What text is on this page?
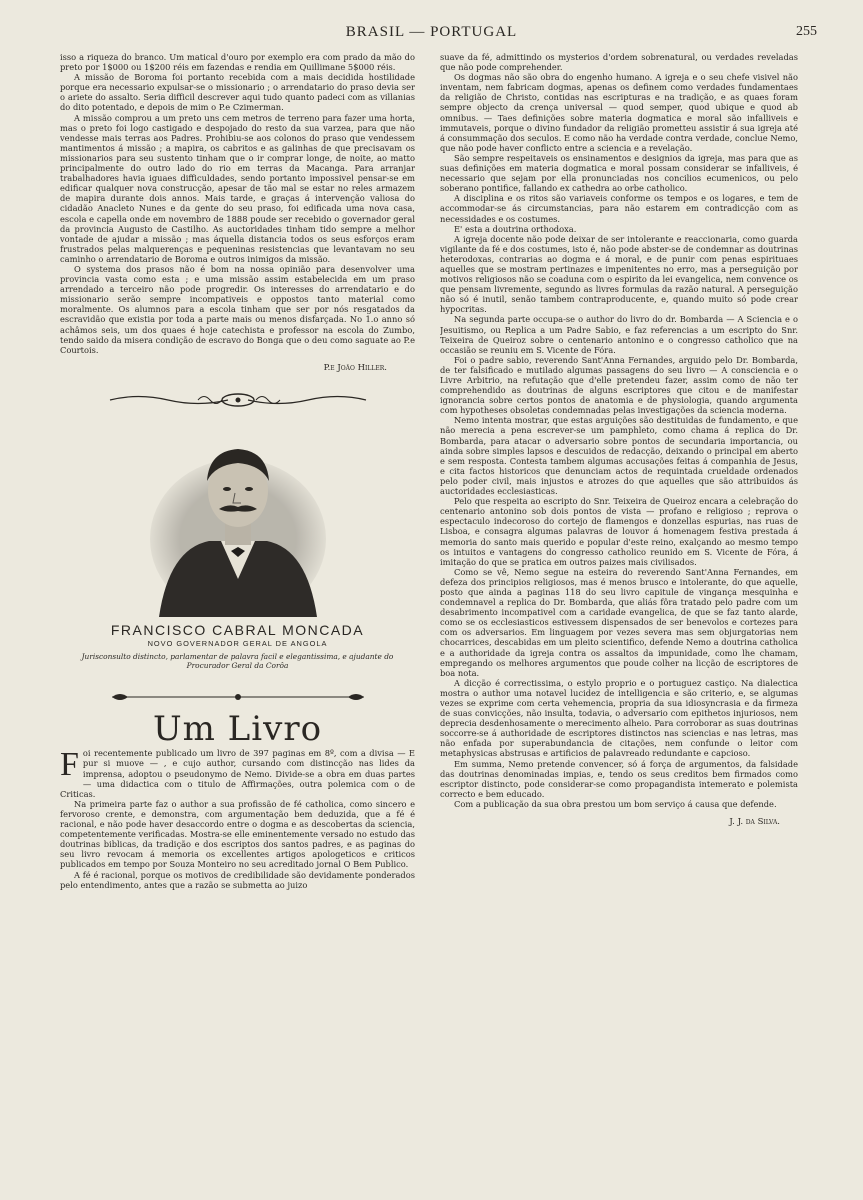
BRASIL — PORTUGAL	255

isso a riqueza do branco. Um matical d'ouro por exemplo era com prado da mão do preto por 1$000 ou 1$200 réis em fazendas e rendia em Quillimane 5$000 réis.

A missão de Boroma foi portanto recebida com a mais decidida hostilidade porque era necessario expulsar-se o missionario ; o arrendatario do praso devia ser o ariete do assalto. Seria difficil descrever aqui tudo quanto padeci com as villanias do dito potentado, e depois de mim o P.e Czimerman.

A missão comprou a um preto uns cem metros de terreno para fazer uma horta, mas o preto foi logo castigado e despojado do resto da sua varzea, para que não vendesse mais terras aos Padres. Prohibiu-se aos colonos do praso que vendessem mantimentos á missão ; a mapira, os cabritos e as galinhas de que precisavam os missionarios para seu sustento tinham que o ir comprar longe, de noite, ao matto principalmente do outro lado do rio em terras da Macanga. Para arranjar trabalhadores havia iguaes difficuldades, sendo portanto impossivel pensar-se em edificar qualquer nova construcção, apesar de tão mal se estar no reles armazem de mapira durante dois annos. Mais tarde, e graças á intervenção valiosa do cidadão Anacleto Nunes e da gente do seu praso, foi edificada uma nova casa, escola e capella onde em novembro de 1888 poude ser recebido o governador geral da provincia Augusto de Castilho. As auctoridades tinham tido sempre a melhor vontade de ajudar a missão ; mas áquella distancia todos os seus esforços eram frustrados pelas malquerenças e pequeninas resistencias que levantavam no seu caminho o arrendatario de Boroma e outros inimigos da missão.

O systema dos prasos não é bom na nossa opinião para desenvolver uma provincia vasta como esta ; e uma missão assim estabelecida em um praso arrendado a terceiro não pode progredir. Os interesses do arrendatario e do missionario serão sempre incompativeis e oppostos tanto material como moralmente. Os alumnos para a escola tinham que ser por nós resgatados da escravidão que existia por toda a parte mais ou menos disfarçada. No 1.o anno só achâmos seis, um dos quaes é hoje catechista e professor na escola do Zumbo, tendo saido da misera condição de escravo do Bonga que o deu como saguate ao P.e Courtois.

P.e João Hiller.

FRANCISCO CABRAL MONCADA
NOVO GOVERNADOR GERAL DE ANGOLA
Jurisconsulto distincto, parlamentar de palavra facil e elegantissima, e ajudante do Procurador Geral da Corôa
Um Livro

Foi recentemente publicado um livro de 397 paginas em 8º, com a divisa — E pur si muove — , e cujo author, cursando com distincção nas lides da imprensa, adoptou o pseudonymo de Nemo. Divide-se a obra em duas partes — uma didactica com o titulo de Affirmações, outra polemica com o de Criticas.

Na primeira parte faz o author a sua profissão de fé catholica, como sincero e fervoroso crente, e demonstra, com argumentação bem deduzida, que a fé é racional, e não pode haver desaccordo entre o dogma e as descobertas da sciencia, competentemente verificadas. Mostra-se elle eminentemente versado no estudo das doutrinas biblicas, da tradição e dos escriptos dos santos padres, e as paginas do seu livro revocam á memoria os excellentes artigos apologeticos e criticos publicados em tempo por Souza Monteiro no seu acreditado jornal O Bem Publico.

A fé é racional, porque os motivos de credibilidade são devidamente ponderados pelo entendimento, antes que a razão se submetta ao juizo

suave da fé, admittindo os mysterios d'ordem sobrenatural, ou verdades reveladas que não pode comprehender.

Os dogmas não são obra do engenho humano. A igreja e o seu chefe visivel não inventam, nem fabricam dogmas, apenas os definem como verdades fundamentaes da religião de Christo, contidas nas escripturas e na tradição, e as quaes foram sempre objecto da crença universal — quod semper, quod ubique e quod ab omnibus. — Taes definições sobre materia dogmatica e moral são infalliveis e immutaveis, porque o divino fundador da religião prometteu assistir á sua igreja até á consummação dos seculos. E como não ha verdade contra verdade, conclue Nemo, que não pode haver conflicto entre a sciencia e a revelação.

São sempre respeitaveis os ensinamentos e designios da igreja, mas para que as suas definições em materia dogmatica e moral possam considerar se infalliveis, é necessario que sejam por ella pronunciadas nos concilios ecumenicos, ou pelo soberano pontifice, fallando ex cathedra ao orbe catholico.

A disciplina e os ritos são variaveis conforme os tempos e os logares, e tem de accommodar-se ás circumstancias, para não estarem em contradicção com as necessidades e os costumes.

E' esta a doutrina orthodoxa.

A igreja docente não pode deixar de ser intolerante e reaccionaria, como guarda vigilante da fé e dos costumes, isto é, não pode abster-se de condemnar as doutrinas heterodoxas, contrarias ao dogma e á moral, e de punir com penas espirituaes aquelles que se mostram pertinazes e impenitentes no erro, mas a perseguição por motivos religiosos não se coaduna com o espirito da lei evangelica, nem convence os que pensam livremente, segundo as livres formulas da razão natural. A perseguição não só é inutil, senão tambem contraproducente, e, quando muito só pode crear hypocritas.

Na segunda parte occupa-se o author do livro do dr. Bombarda — A Sciencia e o Jesuitismo, ou Replica a um Padre Sabio, e faz referencias a um escripto do Snr. Teixeira de Queiroz sobre o centenario antonino e o congresso catholico que na occasião se reuniu em S. Vicente de Fóra.

Foi o padre sabio, reverendo Sant'Anna Fernandes, arguido pelo Dr. Bombarda, de ter falsificado e mutilado algumas passagens do seu livro — A consciencia e o Livre Arbitrio, na refutação que d'elle pretendeu fazer, assim como de não ter comprehendido as doutrinas de alguns escriptores que citou e de manifestar ignorancia sobre certos pontos de anatomia e de physiologia, quando argumenta com hypotheses obsoletas condemnadas pelas investigações da sciencia moderna.

Nemo intenta mostrar, que estas arguições são destituidas de fundamento, e que não merecia a pena escrever-se um pamphleto, como chama á replica do Dr. Bombarda, para atacar o adversario sobre pontos de secundaria importancia, ou ainda sobre simples lapsos e descuidos de redacção, deixando o principal em aberto e sem resposta. Contesta tambem algumas accusações feitas á companhia de Jesus, e cita factos historicos que denunciam actos de requintada crueldade ordenados pelo poder civil, mais injustos e atrozes do que aquelles que são attribuidos ás auctoridades ecclesiasticas.

Pelo que respeita ao escripto do Snr. Teixeira de Queiroz encara a celebração do centenario antonino sob dois pontos de vista — profano e religioso ; reprova o espectaculo indecoroso do cortejo de flamengos e donzellas espurias, nas ruas de Lisboa, e consagra algumas palavras de louvor á homenagem festiva prestada á memoria do santo mais querido e popular d'este reino, exalçando ao mesmo tempo os intuitos e vantagens do congresso catholico reunido em S. Vicente de Fóra, á imitação do que se pratica em outros paizes mais civilisados.

Como se vê, Nemo segue na esteira do reverendo Sant'Anna Fernandes, em defeza dos principios religiosos, mas é menos brusco e intolerante, do que aquelle, posto que ainda a paginas 118 do seu livro capitule de vingança mesquinha e condemnavel a replica do Dr. Bombarda, que aliás fôra tratado pelo padre com um desabrimento incompativel com a caridade evangelica, de que se faz tanto alarde, como se os ecclesiasticos estivessem dispensados de ser benevolos e cortezes para com os adversarios. Em linguagem por vezes severa mas sem objurgatorias nem chocarrices, descabidas em um pleito scientifico, defende Nemo a doutrina catholica e a authoridade da igreja contra os assaltos da impunidade, como lhe chamam, empregando os melhores argumentos que poude colher na licção de escriptores de boa nota.

A dicção é correctissima, o estylo proprio e o portuguez castiço. Na dialectica mostra o author uma notavel lucidez de intelligencia e são criterio, e, se algumas vezes se exprime com certa vehemencia, propria da sua idiosyncrasia e da firmeza de suas convicções, não insulta, todavia, o adversario com epithetos injuriosos, nem deprecia desdenhosamente o merecimento alheio. Para corroborar as suas doutrinas soccorre-se á authoridade de escriptores distinctos nas sciencias e nas letras, mas não enfada por superabundancia de citações, nem confunde o leitor com metaphysicas abstrusas e artificios de palavreado redundante e capcioso.

Em summa, Nemo pretende convencer, só á força de argumentos, da falsidade das doutrinas denominadas impias, e, tendo os seus creditos bem firmados como escriptor distincto, pode considerar-se como propagandista intemerato e polemista correcto e bem educado.

Com a publicação da sua obra prestou um bom serviço á causa que defende.

J. J. da Silva.
